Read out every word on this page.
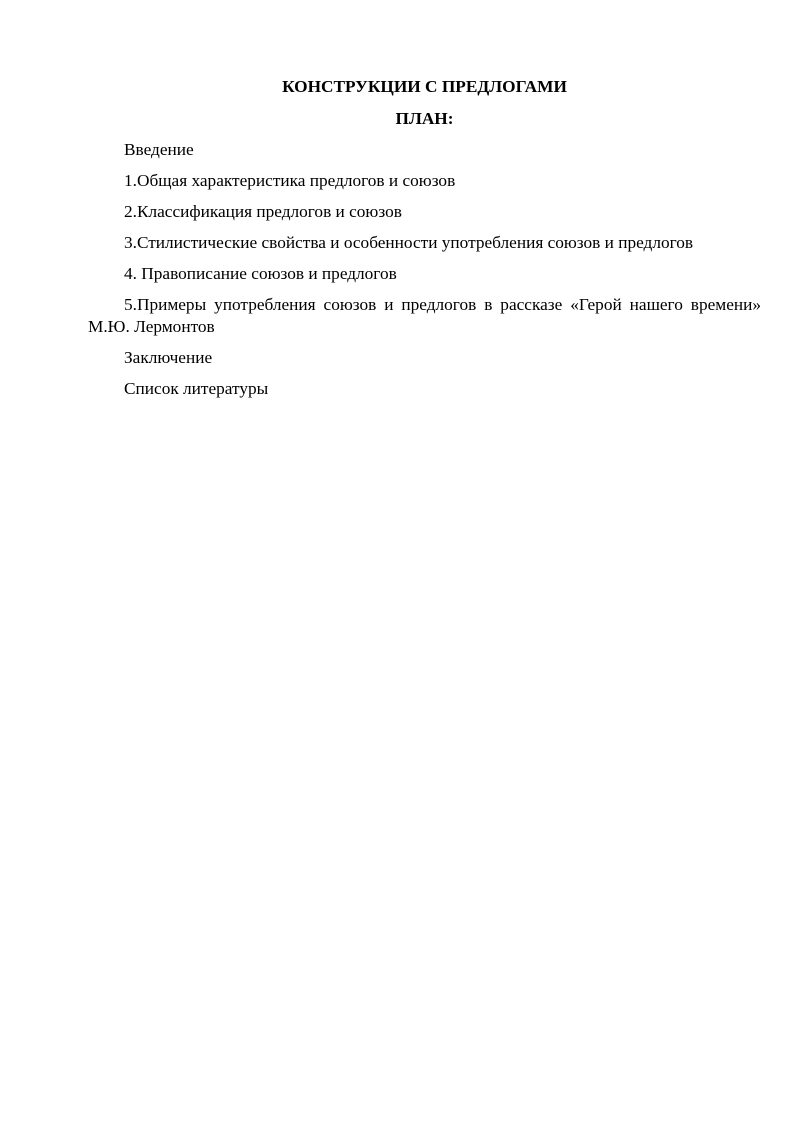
КОНСТРУКЦИИ С ПРЕДЛОГАМИ

ПЛАН:

Введение

1.Общая характеристика предлогов и союзов

2.Классификация предлогов и союзов

3.Стилистические свойства и особенности употребления союзов и предлогов

4. Правописание союзов и предлогов

5.Примеры употребления союзов и предлогов в рассказе «Герой нашего времени» М.Ю. Лермонтов

Заключение

Список литературы
